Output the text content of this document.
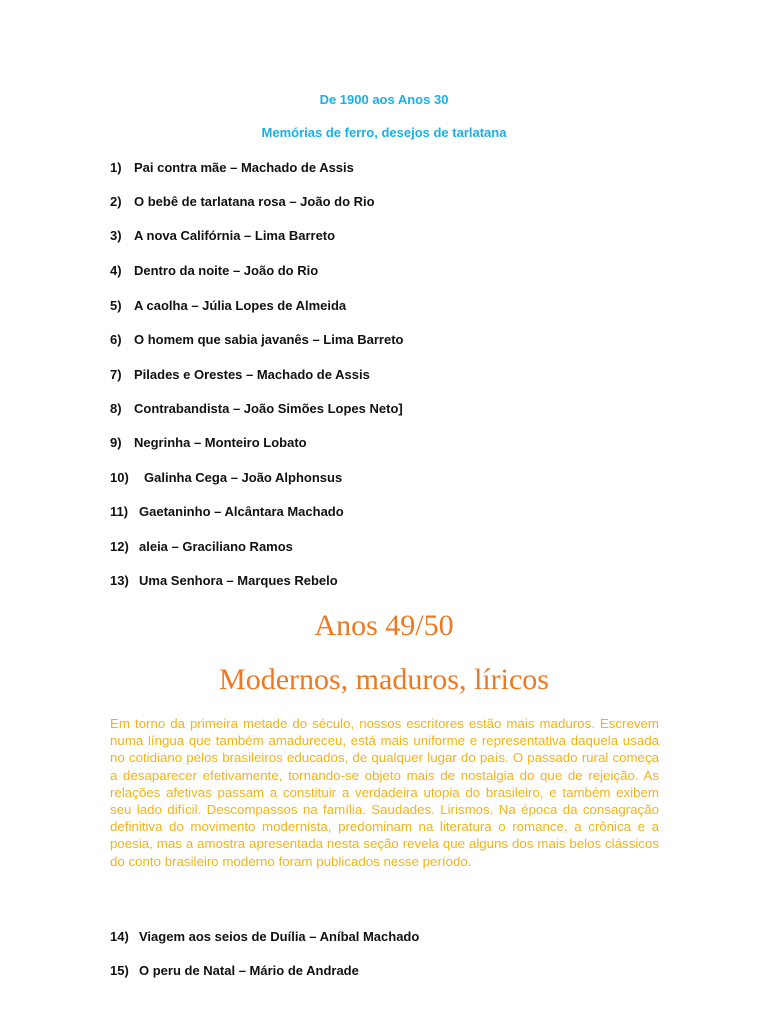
De 1900 aos Anos 30

Memórias de ferro, desejos de tarlatana

1) Pai contra mãe – Machado de Assis
2) O bebê de tarlatana rosa – João do Rio
3) A nova Califórnia – Lima Barreto
4) Dentro da noite – João do Rio
5) A caolha – Júlia Lopes de Almeida
6) O homem que sabia javanês – Lima Barreto
7) Pilades e Orestes – Machado de Assis
8) Contrabandista – João Simões Lopes Neto]
9) Negrinha – Monteiro Lobato
10) Galinha Cega – João Alphonsus
11) Gaetaninho – Alcântara Machado
12) aleia – Graciliano Ramos
13) Uma Senhora – Marques Rebelo
Anos 49/50
Modernos, maduros, líricos

Em torno da primeira metade do século, nossos escritores estão mais maduros. Escrevem numa língua que também amadureceu, está mais uniforme e representativa daquela usada no cotidiano pelos brasileiros educados, de qualquer lugar do país. O passado rural começa a desaparecer efetivamente, tornando-se objeto mais de nostalgia do que de rejeição. As relações afetivas passam a constituir a verdadeira utopia do brasileiro, e também exibem seu lado difícil. Descompassos na família. Saudades. Lirismos. Na época da consagração definitiva do movimento modernista, predominam na literatura o romance, a crônica e a poesia, mas a amostra apresentada nesta seção revela que alguns dos mais belos clássicos do conto brasileiro moderno foram publicados nesse período.

14) Viagem aos seios de Duília – Aníbal Machado
15) O peru de Natal – Mário de Andrade
